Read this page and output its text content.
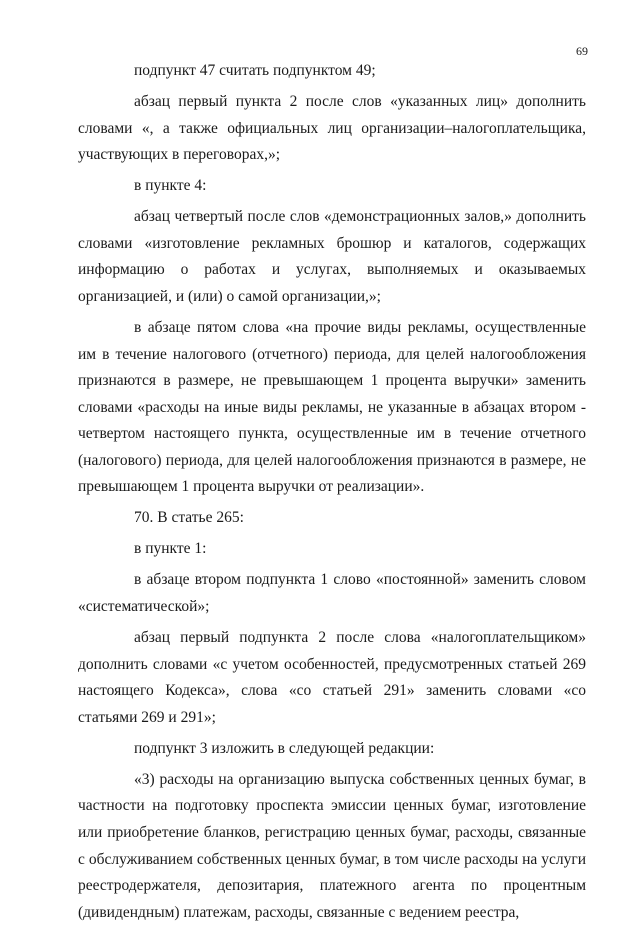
69

подпункт 47 считать подпунктом 49;

абзац первый пункта 2 после слов «указанных лиц» дополнить словами «, а также официальных лиц организации–налогоплательщика, участвующих в переговорах,»;

в пункте 4:

абзац четвертый после слов «демонстрационных залов,» дополнить словами «изготовление рекламных брошюр и каталогов, содержащих информацию о работах и услугах, выполняемых и оказываемых организацией, и (или) о самой организации,»;

в абзаце пятом слова «на прочие виды рекламы, осуществленные им в течение налогового (отчетного) периода, для целей налогообложения признаются в размере, не превышающем 1 процента выручки» заменить словами «расходы на иные виды рекламы, не указанные в абзацах втором - четвертом настоящего пункта, осуществленные им в течение отчетного (налогового) периода, для целей налогообложения признаются в размере, не превышающем 1 процента выручки от реализации».

70. В статье 265:

в пункте 1:

в абзаце втором подпункта 1 слово «постоянной» заменить словом «систематической»;

абзац первый подпункта 2 после слова «налогоплательщиком» дополнить словами «с учетом особенностей, предусмотренных статьей 269 настоящего Кодекса», слова «со статьей 291» заменить словами «со статьями 269 и 291»;

подпункт 3 изложить в следующей редакции:

«3) расходы на организацию выпуска собственных ценных бумаг, в частности на подготовку проспекта эмиссии ценных бумаг, изготовление или приобретение бланков, регистрацию ценных бумаг, расходы, связанные с обслуживанием собственных ценных бумаг, в том числе расходы на услуги реестродержателя, депозитария, платежного агента по процентным (дивидендным) платежам, расходы, связанные с ведением реестра,
